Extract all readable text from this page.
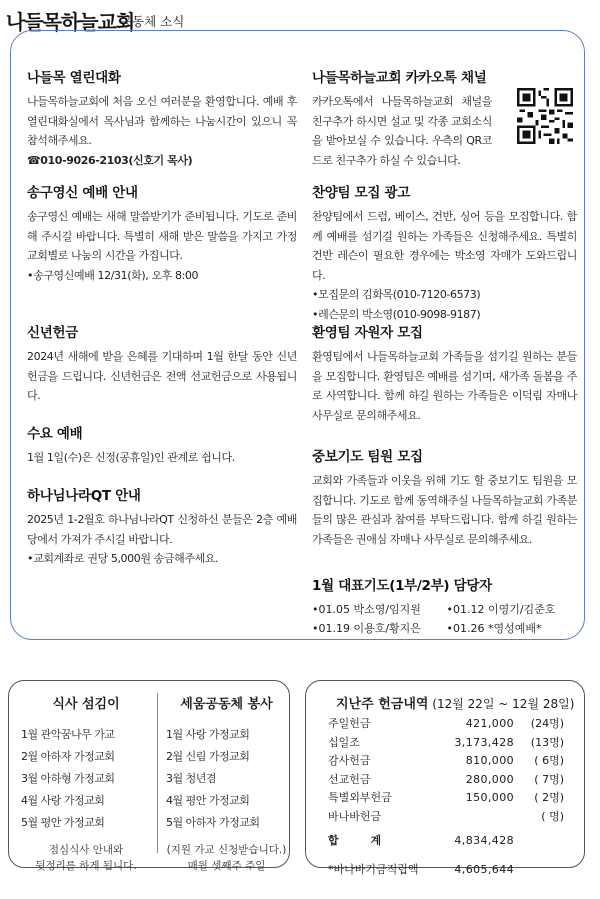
나들목하늘교회
공동체 소식
나들목 열린대화
나들목하늘교회에 처음 오신 여러분을 환영합니다. 예배 후 열린대화실에서 목사님과 함께하는 나눔시간이 있으니 꼭 참석해주세요.
☎010-9026-2103(신호기 목사)
송구영신 예배 안내
송구영신 예배는 새해 말씀받기가 준비됩니다. 기도로 준비해 주시길 바랍니다. 특별히 새해 받은 말씀을 가지고 가정교회별로 나눔의 시간을 가집니다.
•송구영신예배 12/31(화), 오후 8:00
신년헌금
2024년 새해에 받을 은혜를 기대하며 1월 한달 동안 신년헌금을 드립니다. 신년헌금은 전액 선교헌금으로 사용됩니다.
수요 예배
1월 1일(수)은 신정(공휴일)인 관계로 쉽니다.
하나님나라QT 안내
2025년 1-2월호 하나님나라QT 신청하신 분들은 2층 예배당에서 가져가 주시길 바랍니다.
•교회계좌로 권당 5,000원 송금해주세요.
나들목하늘교회 카카오톡 채널
카카오톡에서 나들목하늘교회 채널을 친구추가 하시면 설교 및 각종 교회소식을 받아보실 수 있습니다. 우측의 QR코드로 친구추가 하실 수 있습니다.
찬양팀 모집 광고
찬양팀에서 드럼, 베이스, 건반, 싱어 등을 모집합니다. 함께 예배를 섬기길 원하는 가족들은 신청해주세요. 특별히 건반 레슨이 필요한 경우에는 박소영 자매가 도와드립니다.
•모집문의 김화목(010-7120-6573)
•레슨문의 박소영(010-9098-9187)
환영팀 자원자 모집
환영팀에서 나들목하늘교회 가족들을 섬기길 원하는 분들을 모집합니다. 환영팀은 예배를 섬기며, 새가족 돌봄을 주로 사역합니다. 함께 하길 원하는 가족들은 이덕림 자매나 사무실로 문의해주세요.
중보기도 팀원 모집
교회와 가족들과 이웃을 위해 기도 할 중보기도 팀원을 모집합니다. 기도로 함께 동역해주실 나들목하늘교회 가족분들의 많은 관심과 참여를 부탁드립니다. 함께 하길 원하는 가족들은 권애심 자매나 사무실로 문의해주세요.
1월 대표기도(1부/2부) 담당자
•01.05 박소영/임지원	•01.12 이영기/김준호
•01.19 이용호/황지은	•01.26 *영성예배*
식사 섬김이
1월 관악꿈나무 가교
2월 아하자 가정교회
3월 아하형 가정교회
4월 사랑 가정교회
5월 평안 가정교회
점심식사 안내와
뒷정리를 하게 됩니다.
세움공동체 봉사
1월 사랑 가정교회
2월 신림 가정교회
3월 청년겸
4월 평안 가정교회
5월 아하자 가정교회
(지원 가교 신청받습니다.)
매월 셋째주 주일
지난주 헌금내역 (12월 22일 ~ 12월 28일)
주일헌금	421,000	(24명)
십일조	3,173,428	(13명)
감사헌금	810,000	( 6명)
선교헌금	280,000	( 7명)
특별외부헌금	150,000	( 2명)
바나바헌금	( 명)
합 계	4,834,428
*바나바기금적립액	4,605,644
